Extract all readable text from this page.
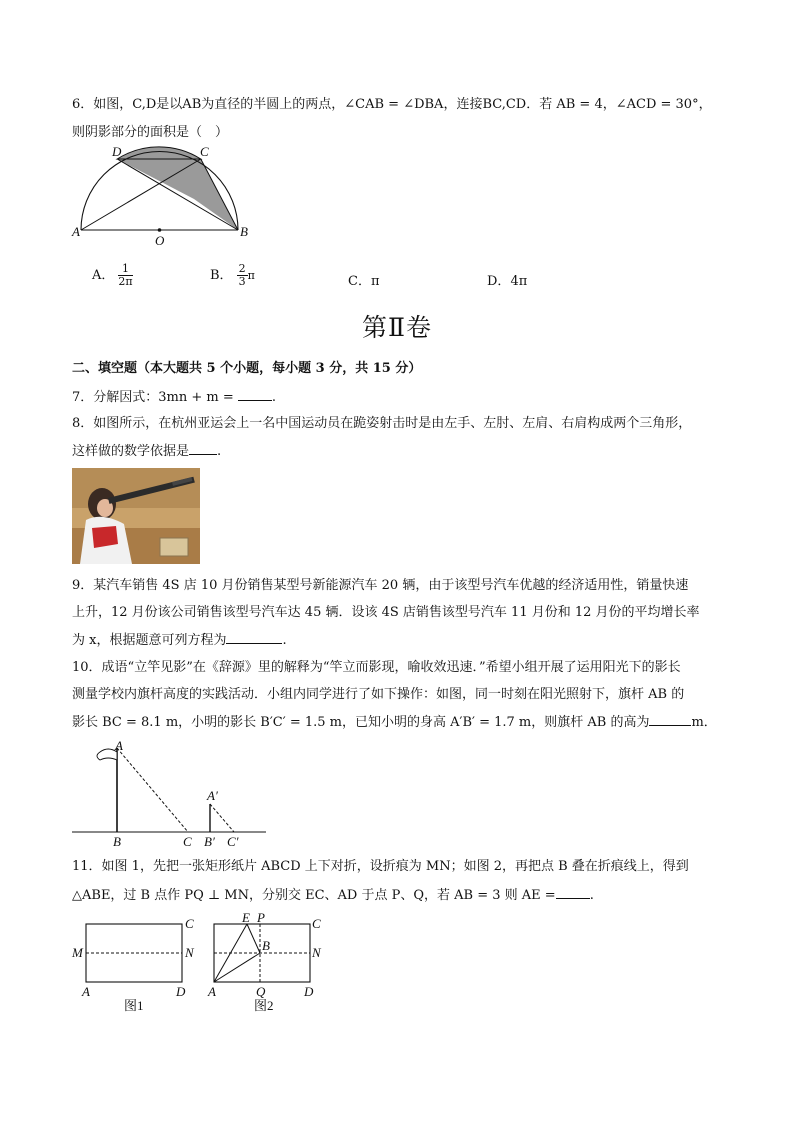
6．如图，C,D是以AB为直径的半圆上的两点，∠CAB = ∠DBA，连接BC,CD．若 AB = 4，∠ACD = 30°，
则阴影部分的面积是（　）
A	B
C
D
O
A． $\frac{1}{2\pi}$	B． $\frac{2}{3}$ π	C．π	D．4π
第Ⅱ卷
二、填空题（本大题共 5 个小题，每小题 3 分，共 15 分）
7．分解因式：3mn + m =	.
8．如图所示，在杭州亚运会上一名中国运动员在跪姿射击时是由左手、左肘、左肩、右肩构成两个三角形，
这样做的数学依据是 .
9．某汽车销售 4S 店 10 月份销售某型号新能源汽车 20 辆，由于该型号汽车优越的经济适用性，销量快速
上升，12 月份该公司销售该型号汽车达 45 辆．设该 4S 店销售该型号汽车 11 月份和 12 月份的平均增长率
为 x，根据题意可列方程为	.
10．成语“立竿见影”在《辞源》里的解释为“竿立而影现，喻收效迅速．”希望小组开展了运用阳光下的影长
测量学校内旗杆高度的实践活动．小组内同学进行了如下操作：如图，同一时刻在阳光照射下，旗杆 AB 的
影长 BC = 8.1 m，小明的影长 B′C′ = 1.5 m，已知小明的身高 A′B′ = 1.7 m，则旗杆 AB 的高为	m．
A
B	C
A′
B′ C′
11．如图 1，先把一张矩形纸片 ABCD 上下对折，设折痕为 MN；如图 2，再把点 B 叠在折痕线上，得到
△ABE，过 B 点作 PQ ⊥ MN，分别交 EC、AD 于点 P、Q，若 AB = 3 则 AE =	.
C
M	N
A	D
图1
E P	C
B	N
A	Q	D
图2
